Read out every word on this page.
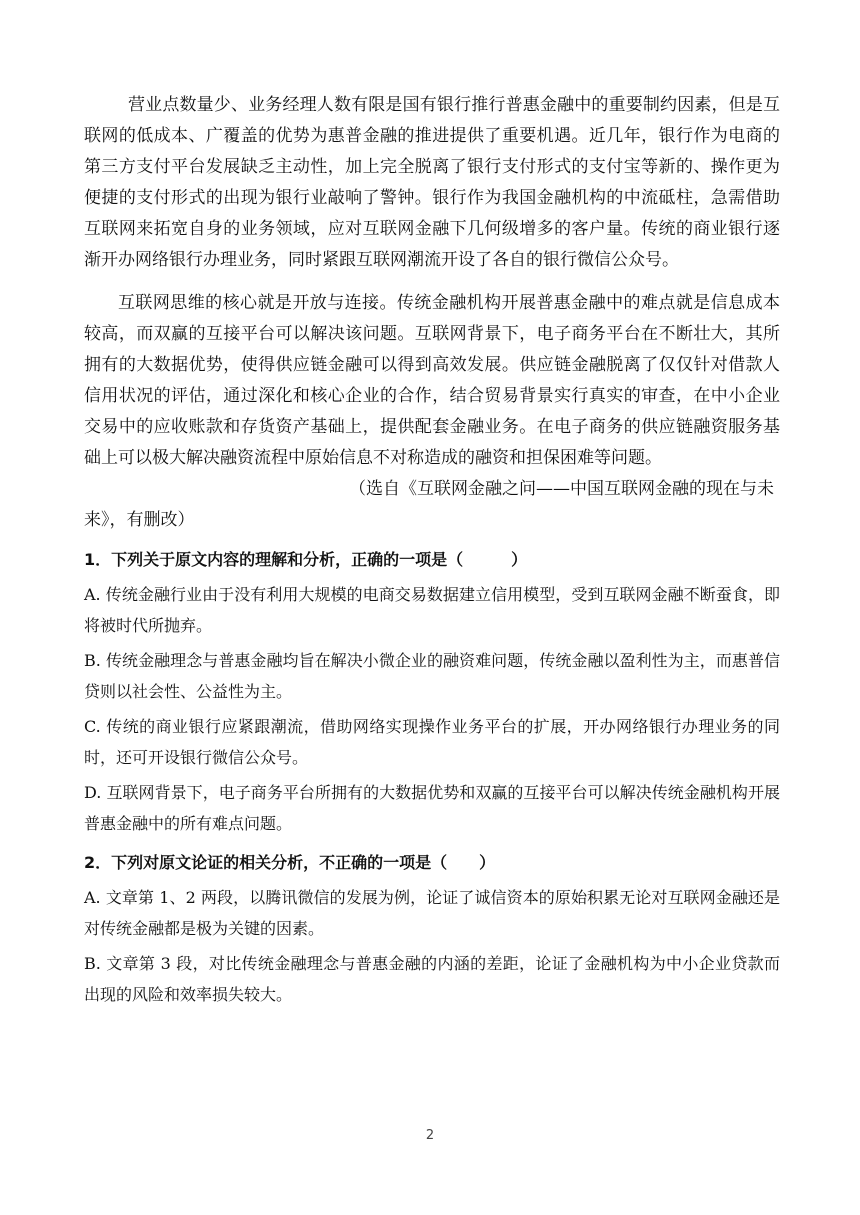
营业点数量少、业务经理人数有限是国有银行推行普惠金融中的重要制约因素，但是互联网的低成本、广覆盖的优势为惠普金融的推进提供了重要机遇。近几年，银行作为电商的第三方支付平台发展缺乏主动性，加上完全脱离了银行支付形式的支付宝等新的、操作更为便捷的支付形式的出现为银行业敲响了警钟。银行作为我国金融机构的中流砥柱，急需借助互联网来拓宽自身的业务领域，应对互联网金融下几何级增多的客户量。传统的商业银行逐渐开办网络银行办理业务，同时紧跟互联网潮流开设了各自的银行微信公众号。

互联网思维的核心就是开放与连接。传统金融机构开展普惠金融中的难点就是信息成本较高，而双赢的互接平台可以解决该问题。互联网背景下，电子商务平台在不断壮大，其所拥有的大数据优势，使得供应链金融可以得到高效发展。供应链金融脱离了仅仅针对借款人信用状况的评估，通过深化和核心企业的合作，结合贸易背景实行真实的审查，在中小企业交易中的应收账款和存货资产基础上，提供配套金融业务。在电子商务的供应链融资服务基础上可以极大解决融资流程中原始信息不对称造成的融资和担保困难等问题。

（选自《互联网金融之问——中国互联网金融的现在与未
来》，有删改）

1．下列关于原文内容的理解和分析，正确的一项是（　　　）

A. 传统金融行业由于没有利用大规模的电商交易数据建立信用模型，受到互联网金融不断蚕食，即将被时代所抛弃。

B. 传统金融理念与普惠金融均旨在解决小微企业的融资难问题，传统金融以盈利性为主，而惠普信贷则以社会性、公益性为主。

C. 传统的商业银行应紧跟潮流，借助网络实现操作业务平台的扩展，开办网络银行办理业务的同时，还可开设银行微信公众号。

D. 互联网背景下，电子商务平台所拥有的大数据优势和双赢的互接平台可以解决传统金融机构开展普惠金融中的所有难点问题。

2．下列对原文论证的相关分析，不正确的一项是（　　）

A. 文章第 1、2 两段，以腾讯微信的发展为例，论证了诚信资本的原始积累无论对互联网金融还是对传统金融都是极为关键的因素。

B. 文章第 3 段，对比传统金融理念与普惠金融的内涵的差距，论证了金融机构为中小企业贷款而出现的风险和效率损失较大。

2
